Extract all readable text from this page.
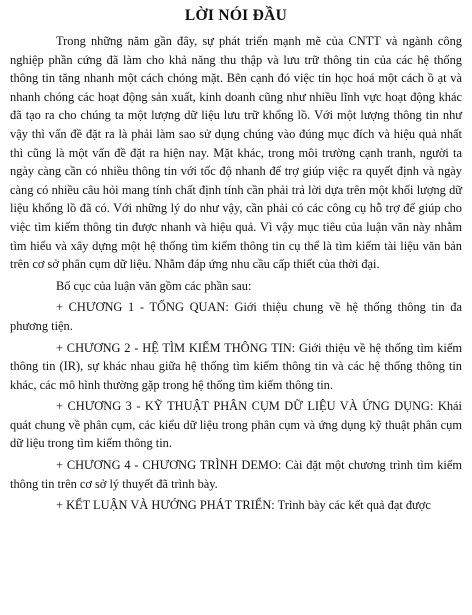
LỜI NÓI ĐẦU

Trong những năm gần đây, sự phát triển mạnh mẽ của CNTT và ngành công nghiệp phần cứng đã làm cho khả năng thu thập và lưu trữ thông tin của các hệ thống thông tin tăng nhanh một cách chóng mặt. Bên cạnh đó việc tin học hoá một cách ồ ạt và nhanh chóng các hoạt động sản xuất, kinh doanh cũng như nhiều lĩnh vực hoạt động khác đã tạo ra cho chúng ta một lượng dữ liệu lưu trữ khổng lồ. Với một lượng thông tin như vậy thì vấn đề đặt ra là phải làm sao sử dụng chúng vào đúng mục đích và hiệu quả nhất thì cũng là một vấn đề đặt ra hiện nay. Mặt khác, trong môi trường cạnh tranh, người ta ngày càng cần có nhiều thông tin với tốc độ nhanh để trợ giúp việc ra quyết định và ngày càng có nhiều câu hỏi mang tính chất định tính cần phải trả lời dựa trên một khối lượng dữ liệu khổng lồ đã có. Với những lý do như vậy, cần phải có các công cụ hỗ trợ để giúp cho việc tìm kiếm thông tin được nhanh và hiệu quả. Vì vậy mục tiêu của luận văn này nhằm tìm hiểu và xây dựng một hệ thống tìm kiếm thông tin cụ thể là tìm kiếm tài liệu văn bản trên cơ sở phân cụm dữ liệu. Nhằm đáp ứng nhu cầu cấp thiết của thời đại.

Bố cục của luận văn gồm các phần sau:

+ CHƯƠNG 1 - TỔNG QUAN: Giới thiệu chung về hệ thống thông tin đa phương tiện.

+ CHƯƠNG 2 - HỆ TÌM KIẾM THÔNG TIN: Giới thiệu về hệ thống tìm kiếm thông tin (IR), sự khác nhau giữa hệ thống tìm kiếm thông tin và các hệ thống thông tin khác, các mô hình thường gặp trong hệ thống tìm kiếm thông tin.

+ CHƯƠNG 3 - KỸ THUẬT PHÂN CỤM DỮ LIỆU VÀ ỨNG DỤNG: Khái quát chung về phân cụm, các kiểu dữ liệu trong phân cụm và ứng dụng kỹ thuật phân cụm dữ liệu trong tìm kiếm thông tin.

+ CHƯƠNG 4 - CHƯƠNG TRÌNH DEMO: Cài đặt một chương trình tìm kiếm thông tin trên cơ sở lý thuyết đã trình bày.

+ KẾT LUẬN VÀ HƯỚNG PHÁT TRIỂN: Trình bày các kết quả đạt được
